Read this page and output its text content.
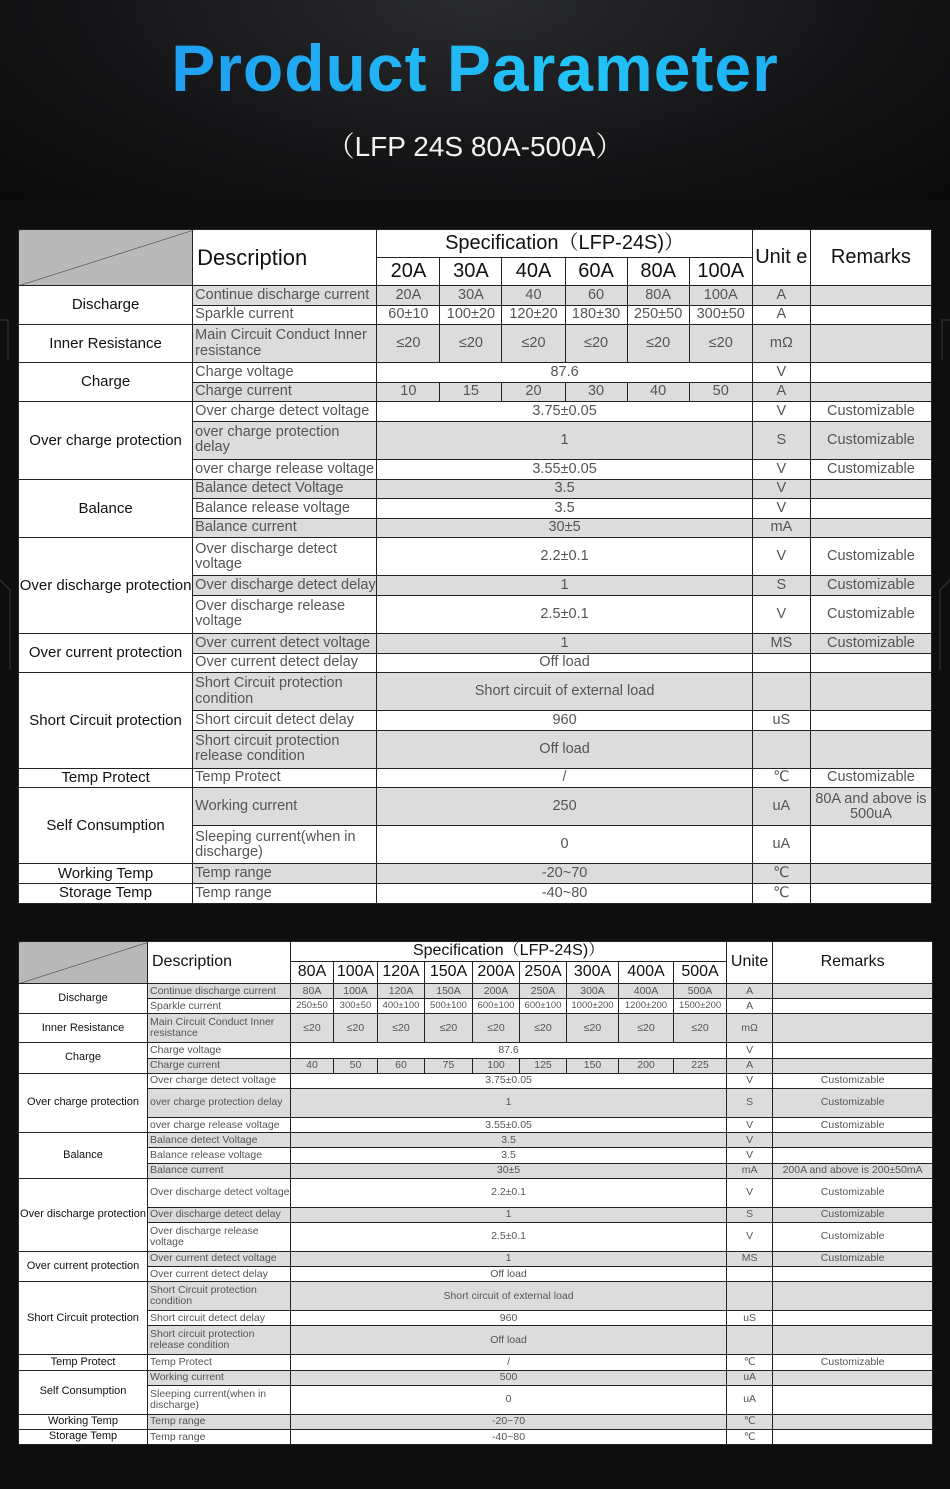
Product Parameter
（LFP 24S 80A-500A）
	Description	Specification（LFP-24S)）						Unit e	Remarks
		20A	30A	40A	60A	80A	100A		
Discharge	Continue discharge current	20A	30A	40	60	80A	100A	A	
	Sparkle current	60±10	100±20	120±20	180±30	250±50	300±50	A	
Inner Resistance	Main Circuit Conduct Inner resistance	≤20	≤20	≤20	≤20	≤20	≤20	mΩ	
Charge	Charge voltage	87.6						V	
	Charge current	10	15	20	30	40	50	A	
Over charge protection	Over charge detect voltage	3.75±0.05						V	Customizable
	over charge protection delay	1						S	Customizable
	over charge release voltage	3.55±0.05						V	Customizable
Balance	Balance detect Voltage	3.5						V	
	Balance release voltage	3.5						V	
	Balance current	30±5						mA	
Over discharge protection	Over discharge detect voltage	2.2±0.1						V	Customizable
	Over discharge detect delay	1						S	Customizable
	Over discharge release voltage	2.5±0.1						V	Customizable
Over current protection	Over current detect voltage	1						MS	Customizable
	Over current detect delay	Off load							
Short Circuit protection	Short Circuit protection condition	Short circuit of external load							
	Short circuit detect delay	960						uS	
	Short circuit protection release condition	Off load							
Temp Protect	Temp Protect	/						℃	Customizable
Self Consumption	Working current	250						uA	80A and above is 500uA
	Sleeping current(when in discharge)	0						uA	
Working Temp	Temp range	-20~70						℃	
Storage Temp	Temp range	-40~80						℃	
	Description	Specification（LFP-24S)）									Unite	Remarks
		80A	100A	120A	150A	200A	250A	300A	400A	500A		
Discharge	Continue discharge current	80A	100A	120A	150A	200A	250A	300A	400A	500A	A	
	Sparkle current	250±50	300±50	400±100	500±100	600±100	600±100	1000±200	1200±200	1500±200	A	
Inner Resistance	Main Circuit Conduct Inner resistance	≤20	≤20	≤20	≤20	≤20	≤20	≤20	≤20	≤20	mΩ	
Charge	Charge voltage	87.6									V	
	Charge current	40	50	60	75	100	125	150	200	225	A	
Over charge protection	Over charge detect voltage	3.75±0.05									V	Customizable
	over charge protection delay	1									S	Customizable
	over charge release voltage	3.55±0.05									V	Customizable
Balance	Balance detect Voltage	3.5									V	
	Balance release voltage	3.5									V	
	Balance current	30±5									mA	200A and above is 200±50mA
Over discharge protection	Over discharge detect voltage	2.2±0.1									V	Customizable
	Over discharge detect delay	1									S	Customizable
	Over discharge release voltage	2.5±0.1									V	Customizable
Over current protection	Over current detect voltage	1									MS	Customizable
	Over current detect delay	Off load										
Short Circuit protection	Short Circuit protection condition	Short circuit of external load										
	Short circuit detect delay	960									uS	
	Short circuit protection release condition	Off load										
Temp Protect	Temp Protect	/									℃	Customizable
Self Consumption	Working current	500									uA	
	Sleeping current(when in discharge)	0									uA	
Working Temp	Temp range	-20~70									℃	
Storage Temp	Temp range	-40~80									℃	
